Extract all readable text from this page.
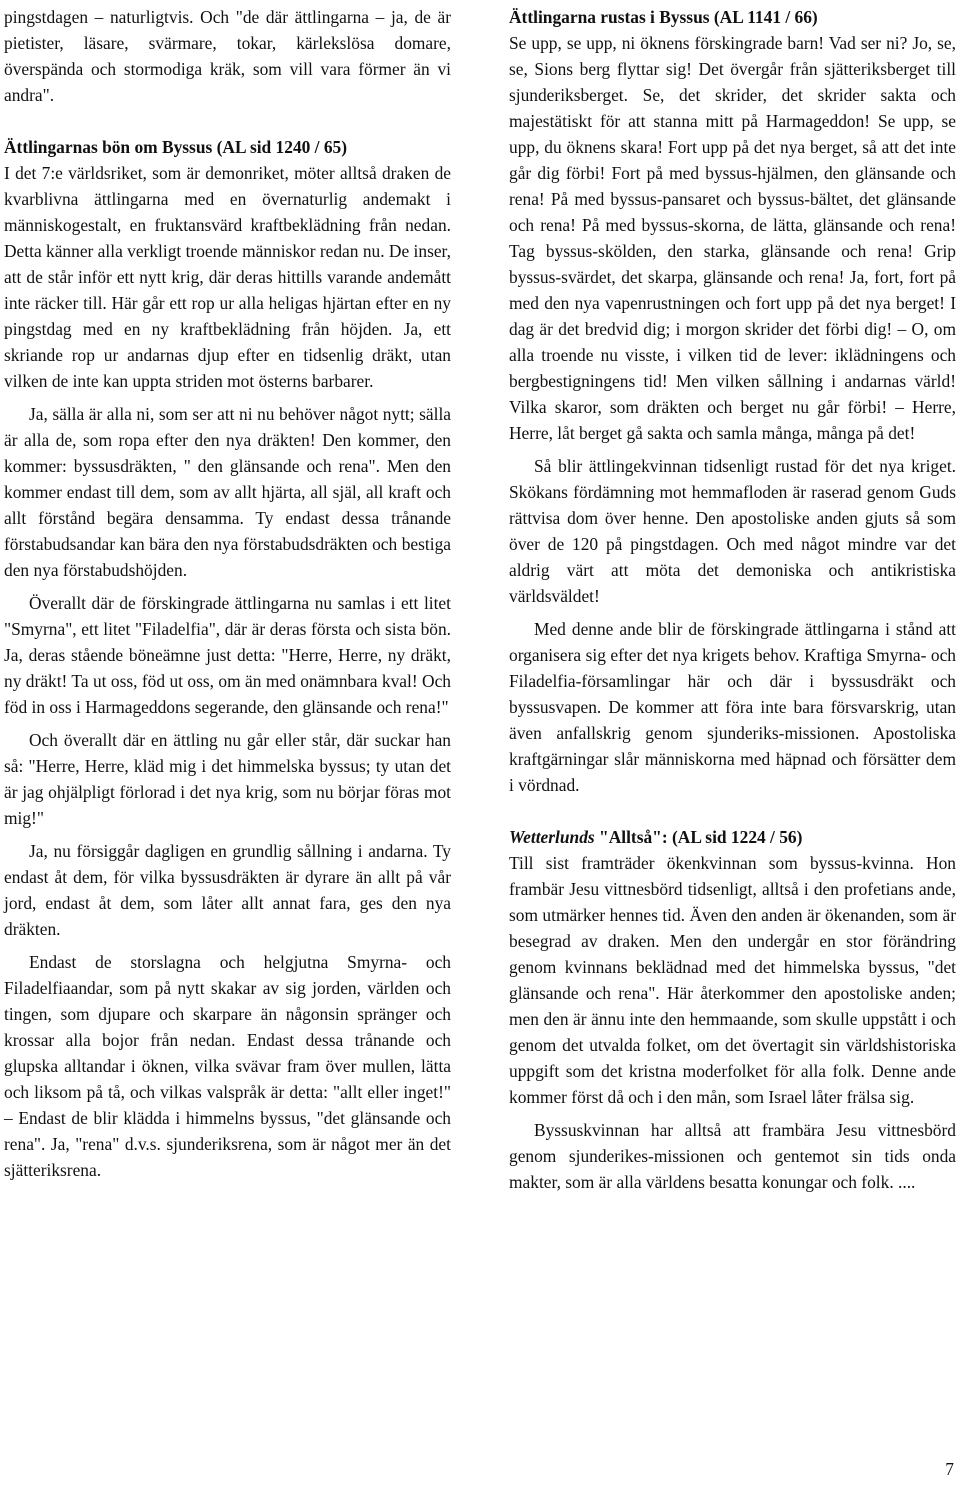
pingstdagen – naturligtvis. Och "de där ättlingarna – ja, de är pietister, läsare, svärmare, tokar, kärlekslösa domare, överspända och stormodiga kräk, som vill vara förmer än vi andra".

Ättlingarnas bön om Byssus (AL sid 1240 / 65)

I det 7:e världsriket, som är demonriket, möter alltså draken de kvarblivna ättlingarna med en övernaturlig andemakt i människogestalt, en fruktansvärd kraftbeklädning från nedan. Detta känner alla verkligt troende människor redan nu. De inser, att de står inför ett nytt krig, där deras hittills varande andemått inte räcker till. Här går ett rop ur alla heligas hjärtan efter en ny pingstdag med en ny kraftbeklädning från höjden. Ja, ett skriande rop ur andarnas djup efter en tidsenlig dräkt, utan vilken de inte kan uppta striden mot österns barbarer.

Ja, sälla är alla ni, som ser att ni nu behöver något nytt; sälla är alla de, som ropa efter den nya dräkten! Den kommer, den kommer: byssusdräkten, " den glänsande och rena". Men den kommer endast till dem, som av allt hjärta, all själ, all kraft och allt förstånd begära densamma. Ty endast dessa trånande förstabudsandar kan bära den nya förstabudsdräkten och bestiga den nya förstabudshöjden.

Överallt där de förskingrade ättlingarna nu samlas i ett litet "Smyrna", ett litet "Filadelfia", där är deras första och sista bön. Ja, deras stående böneämne just detta: "Herre, Herre, ny dräkt, ny dräkt! Ta ut oss, föd ut oss, om än med onämnbara kval! Och föd in oss i Harmageddons segerande, den glänsande och rena!"

Och överallt där en ättling nu går eller står, där suckar han så: "Herre, Herre, kläd mig i det himmelska byssus; ty utan det är jag ohjälpligt förlorad i det nya krig, som nu börjar föras mot mig!"

Ja, nu försiggår dagligen en grundlig sållning i andarna. Ty endast åt dem, för vilka byssusdräkten är dyrare än allt på vår jord, endast åt dem, som låter allt annat fara, ges den nya dräkten.

Endast de storslagna och helgjutna Smyrna- och Filadelfiaandar, som på nytt skakar av sig jorden, världen och tingen, som djupare och skarpare än någonsin spränger och krossar alla bojor från nedan. Endast dessa trånande och glupska alltandar i öknen, vilka svävar fram över mullen, lätta och liksom på tå, och vilkas valspråk är detta: "allt eller inget!" – Endast de blir klädda i himmelns byssus, "det glänsande och rena". Ja, "rena" d.v.s. sjunderiksrena, som är något mer än det sjätteriksrena.

Ättlingarna rustas i Byssus (AL 1141 / 66)

Se upp, se upp, ni öknens förskingrade barn! Vad ser ni? Jo, se, se, Sions berg flyttar sig! Det övergår från sjätteriksberget till sjunderiksberget. Se, det skrider, det skrider sakta och majestätiskt för att stanna mitt på Harmageddon! Se upp, se upp, du öknens skara! Fort upp på det nya berget, så att det inte går dig förbi! Fort på med byssus-hjälmen, den glänsande och rena! På med byssus-pansaret och byssus-bältet, det glänsande och rena! På med byssus-skorna, de lätta, glänsande och rena! Tag byssus-skölden, den starka, glänsande och rena! Grip byssus-svärdet, det skarpa, glänsande och rena! Ja, fort, fort på med den nya vapenrustningen och fort upp på det nya berget! I dag är det bredvid dig; i morgon skrider det förbi dig! – O, om alla troende nu visste, i vilken tid de lever: iklädningens och bergbestigningens tid! Men vilken sållning i andarnas värld! Vilka skaror, som dräkten och berget nu går förbi! – Herre, Herre, låt berget gå sakta och samla många, många på det!

Så blir ättlingekvinnan tidsenligt rustad för det nya kriget. Skökans fördämning mot hemmafloden är raserad genom Guds rättvisa dom över henne. Den apostoliske anden gjuts så som över de 120 på pingstdagen. Och med något mindre var det aldrig värt att möta det demoniska och antikristiska världsväldet!

Med denne ande blir de förskingrade ättlingarna i stånd att organisera sig efter det nya krigets behov. Kraftiga Smyrna- och Filadelfia-församlingar här och där i byssusdräkt och byssusvapen. De kommer att föra inte bara försvarskrig, utan även anfallskrig genom sjunderiks-missionen. Apostoliska kraftgärningar slår människorna med häpnad och försätter dem i vördnad.

Wetterlunds "Alltså": (AL sid 1224 / 56)

Till sist framträder ökenkvinnan som byssus-kvinna. Hon frambär Jesu vittnesbörd tidsenligt, alltså i den profetians ande, som utmärker hennes tid. Även den anden är ökenanden, som är besegrad av draken. Men den undergår en stor förändring genom kvinnans beklädnad med det himmelska byssus, "det glänsande och rena". Här återkommer den apostoliske anden; men den är ännu inte den hemmaande, som skulle uppstått i och genom det utvalda folket, om det övertagit sin världshistoriska uppgift som det kristna moderfolket för alla folk. Denne ande kommer först då och i den mån, som Israel låter frälsa sig.

Byssuskvinnan har alltså att frambära Jesu vittnesbörd genom sjunderikes-missionen och gentemot sin tids onda makter, som är alla världens besatta konungar och folk. ....

7
